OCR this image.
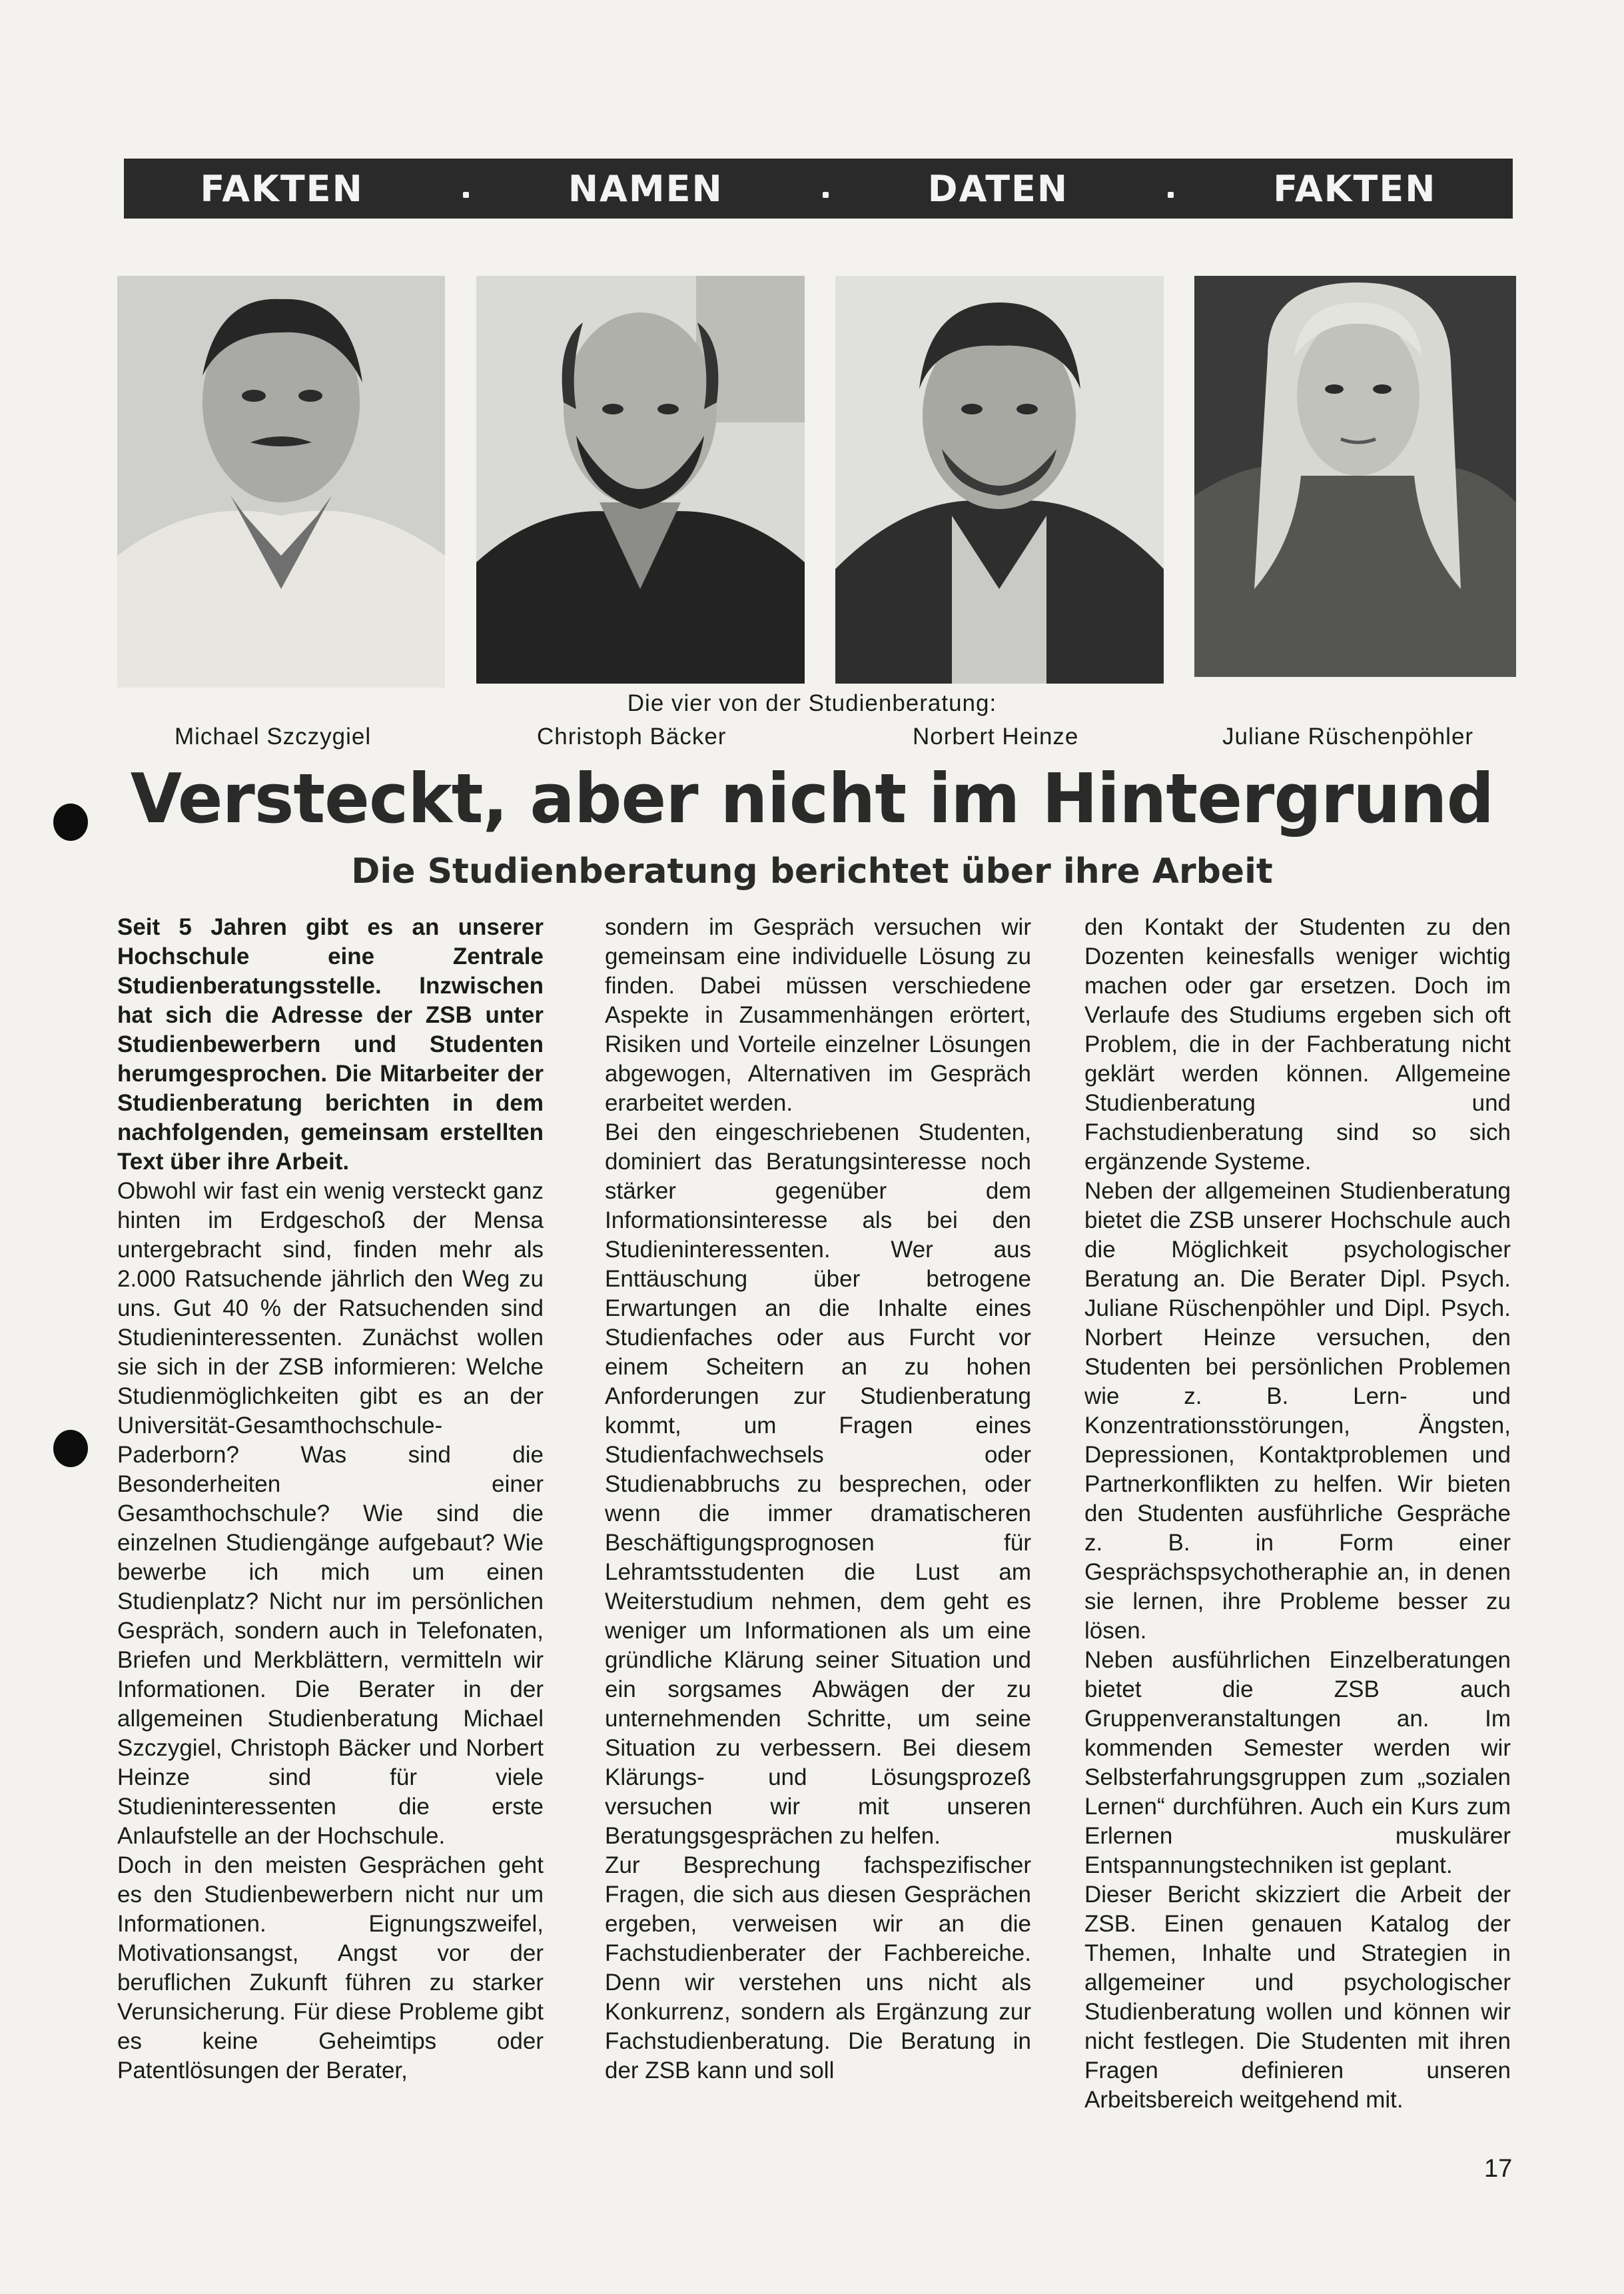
FAKTEN	NAMEN	DATEN	FAKTEN
Die vier von der Studienberatung:
Michael Szczygiel	Christoph Bäcker	Norbert Heinze	Juliane Rüschenpöhler
Versteckt, aber nicht im Hintergrund
Die Studienberatung berichtet über ihre Arbeit

Seit 5 Jahren gibt es an unserer Hochschule eine Zentrale Studienberatungsstelle. Inzwischen hat sich die Adresse der ZSB unter Studienbewerbern und Studenten herumgesprochen. Die Mitarbeiter der Studienberatung berichten in dem nachfolgenden, gemeinsam erstellten Text über ihre Arbeit.

Obwohl wir fast ein wenig versteckt ganz hinten im Erdgeschoß der Mensa untergebracht sind, finden mehr als 2.000 Ratsuchende jährlich den Weg zu uns. Gut 40 % der Ratsuchenden sind Studieninteressenten. Zunächst wollen sie sich in der ZSB informieren: Welche Studienmöglichkeiten gibt es an der Universität-Gesamthochschule-Paderborn? Was sind die Besonderheiten einer Gesamthochschule? Wie sind die einzelnen Studiengänge aufgebaut? Wie bewerbe ich mich um einen Studienplatz? Nicht nur im persönlichen Gespräch, sondern auch in Telefonaten, Briefen und Merkblättern, vermitteln wir Informationen. Die Berater in der allgemeinen Studienberatung Michael Szczygiel, Christoph Bäcker und Norbert Heinze sind für viele Studieninteressenten die erste Anlaufstelle an der Hochschule.

Doch in den meisten Gesprächen geht es den Studienbewerbern nicht nur um Informationen. Eignungszweifel, Motivationsangst, Angst vor der beruflichen Zukunft führen zu starker Verunsicherung. Für diese Probleme gibt es keine Geheimtips oder Patentlösungen der Berater,

sondern im Gespräch versuchen wir gemeinsam eine individuelle Lösung zu finden. Dabei müssen verschiedene Aspekte in Zusammenhängen erörtert, Risiken und Vorteile einzelner Lösungen abgewogen, Alternativen im Gespräch erarbeitet werden.

Bei den eingeschriebenen Studenten, dominiert das Beratungsinteresse noch stärker gegenüber dem Informationsinteresse als bei den Studieninteressenten. Wer aus Enttäuschung über betrogene Erwartungen an die Inhalte eines Studienfaches oder aus Furcht vor einem Scheitern an zu hohen Anforderungen zur Studienberatung kommt, um Fragen eines Studienfachwechsels oder Studienabbruchs zu besprechen, oder wenn die immer dramatischeren Beschäftigungsprognosen für Lehramtsstudenten die Lust am Weiterstudium nehmen, dem geht es weniger um Informationen als um eine gründliche Klärung seiner Situation und ein sorgsames Abwägen der zu unternehmenden Schritte, um seine Situation zu verbessern. Bei diesem Klärungs- und Lösungsprozeß versuchen wir mit unseren Beratungsgesprächen zu helfen.

Zur Besprechung fachspezifischer Fragen, die sich aus diesen Gesprächen ergeben, verweisen wir an die Fachstudienberater der Fachbereiche. Denn wir verstehen uns nicht als Konkurrenz, sondern als Ergänzung zur Fachstudienberatung. Die Beratung in der ZSB kann und soll

den Kontakt der Studenten zu den Dozenten keinesfalls weniger wichtig machen oder gar ersetzen. Doch im Verlaufe des Studiums ergeben sich oft Problem, die in der Fachberatung nicht geklärt werden können. Allgemeine Studienberatung und Fachstudienberatung sind so sich ergänzende Systeme.

Neben der allgemeinen Studienberatung bietet die ZSB unserer Hochschule auch die Möglichkeit psychologischer Beratung an. Die Berater Dipl. Psych. Juliane Rüschenpöhler und Dipl. Psych. Norbert Heinze versuchen, den Studenten bei persönlichen Problemen wie z. B. Lern- und Konzentrationsstörungen, Ängsten, Depressionen, Kontaktproblemen und Partnerkonflikten zu helfen. Wir bieten den Studenten ausführliche Gespräche z. B. in Form einer Gesprächspsychotheraphie an, in denen sie lernen, ihre Probleme besser zu lösen.

Neben ausführlichen Einzelberatungen bietet die ZSB auch Gruppenveranstaltungen an. Im kommenden Semester werden wir Selbsterfahrungsgruppen zum „sozialen Lernen“ durchführen. Auch ein Kurs zum Erlernen muskulärer Entspannungstechniken ist geplant.

Dieser Bericht skizziert die Arbeit der ZSB. Einen genauen Katalog der Themen, Inhalte und Strategien in allgemeiner und psychologischer Studienberatung wollen und können wir nicht festlegen. Die Studenten mit ihren Fragen definieren unseren Arbeitsbereich weitgehend mit.

17
